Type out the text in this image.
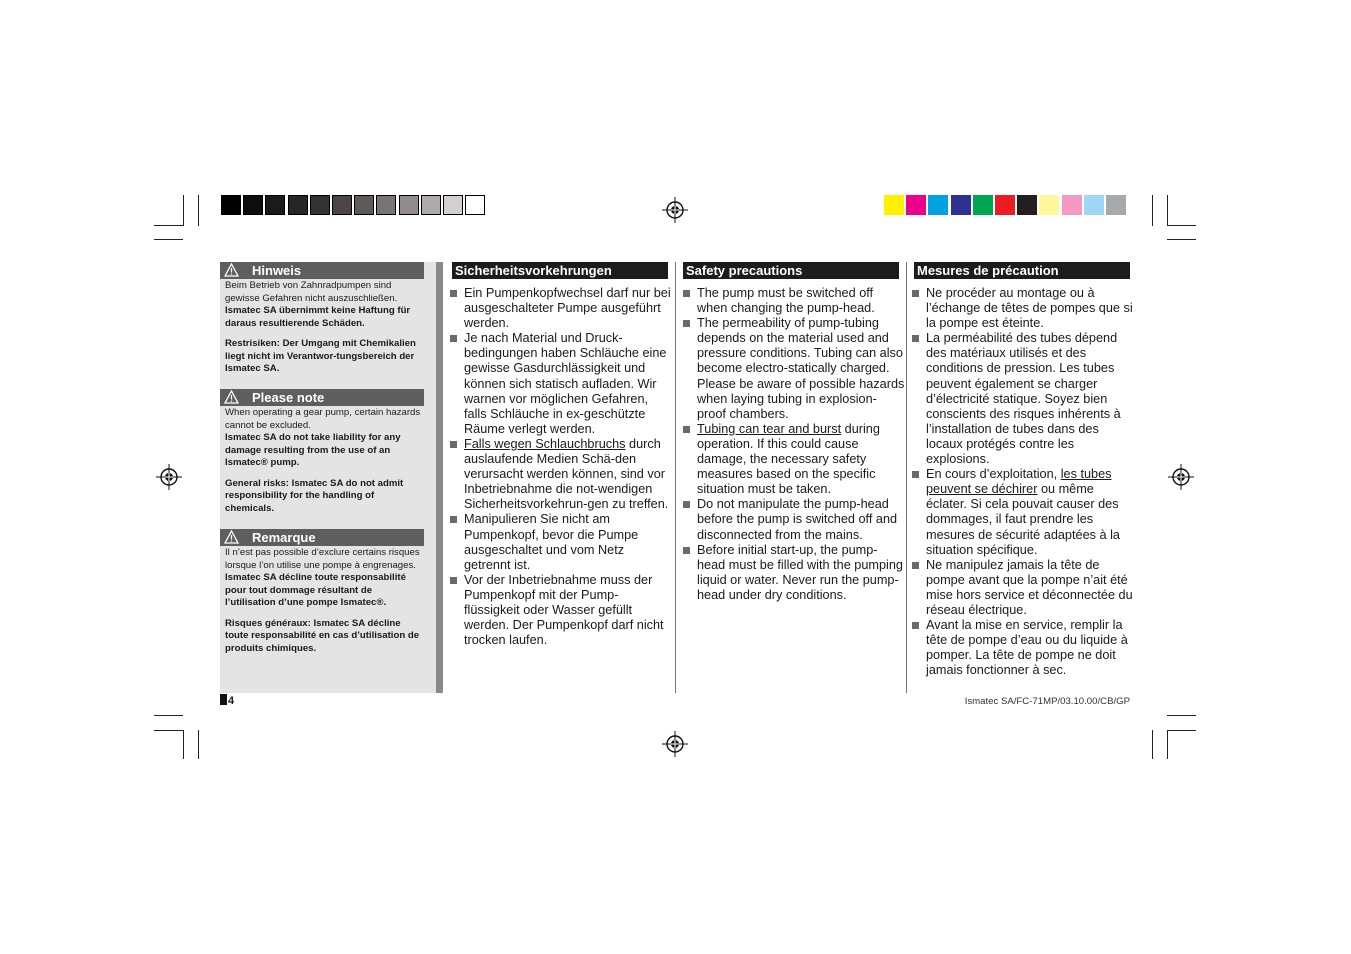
Hinweis

Beim Betrieb von Zahnradpumpen sind gewisse Gefahren nicht auszuschließen.
Ismatec SA übernimmt keine Haftung für daraus resultierende Schäden.

Restrisiken: Der Umgang mit Chemikalien liegt nicht im Verantwor-tungsbereich der Ismatec SA.

Please note

When operating a gear pump, certain hazards cannot be excluded.
Ismatec SA do not take liability for any damage resulting from the use of an Ismatec® pump.

General risks: Ismatec SA do not admit responsibility for the handling of chemicals.

Remarque

Il n’est pas possible d’exclure certains risques lorsque l’on utilise une pompe à engrenages. Ismatec SA décline toute responsabilité pour tout dommage résultant de l’utilisation d’une pompe Ismatec®.

Risques généraux: Ismatec SA décline toute responsabilité en cas d’utilisation de produits chimiques.

Sicherheitsvorkehrungen	Safety precautions	Mesures de précaution
Ein Pumpenkopfwechsel darf nur bei ausgeschalteter Pumpe ausgeführt werden.
Je nach Material und Druck-bedingungen haben Schläuche eine gewisse Gasdurchlässigkeit und können sich statisch aufladen. Wir warnen vor möglichen Gefahren, falls Schläuche in ex-geschützte Räume verlegt werden.
Falls wegen Schlauchbruchs durch auslaufende Medien Schä-den verursacht werden können, sind vor Inbetriebnahme die not-wendigen Sicherheitsvorkehrun-gen zu treffen.
Manipulieren Sie nicht am Pumpenkopf, bevor die Pumpe ausgeschaltet und vom Netz getrennt ist.
Vor der Inbetriebnahme muss der Pumpenkopf mit der Pump-flüssigkeit oder Wasser gefüllt werden. Der Pumpenkopf darf nicht trocken laufen.
The pump must be switched off when changing the pump-head.
The permeability of pump-tubing depends on the material used and pressure conditions. Tubing can also become electro-statically charged. Please be aware of possible hazards when laying tubing in explosion-proof chambers.
Tubing can tear and burst during operation. If this could cause damage, the necessary safety measures based on the specific situation must be taken.
Do not manipulate the pump-head before the pump is switched off and disconnected from the mains.
Before initial start-up, the pump-head must be filled with the pumping liquid or water. Never run the pump-head under dry conditions.
Ne procéder au montage ou à l’échange de têtes de pompes que si la pompe est éteinte.
La perméabilité des tubes dépend des matériaux utilisés et des conditions de pression. Les tubes peuvent également se charger d’électricité statique. Soyez bien conscients des risques inhérents à l’installation de tubes dans des locaux protégés contre les explosions.
En cours d’exploitation, les tubes peuvent se déchirer ou même éclater. Si cela pouvait causer des dommages, il faut prendre les mesures de sécurité adaptées à la situation spécifique.
Ne manipulez jamais la tête de pompe avant que la pompe n’ait été mise hors service et déconnectée du réseau électrique.
Avant la mise en service, remplir la tête de pompe d’eau ou du liquide à pomper. La tête de pompe ne doit jamais fonctionner à sec.
4	Ismatec SA/FC-71MP/03.10.00/CB/GP
